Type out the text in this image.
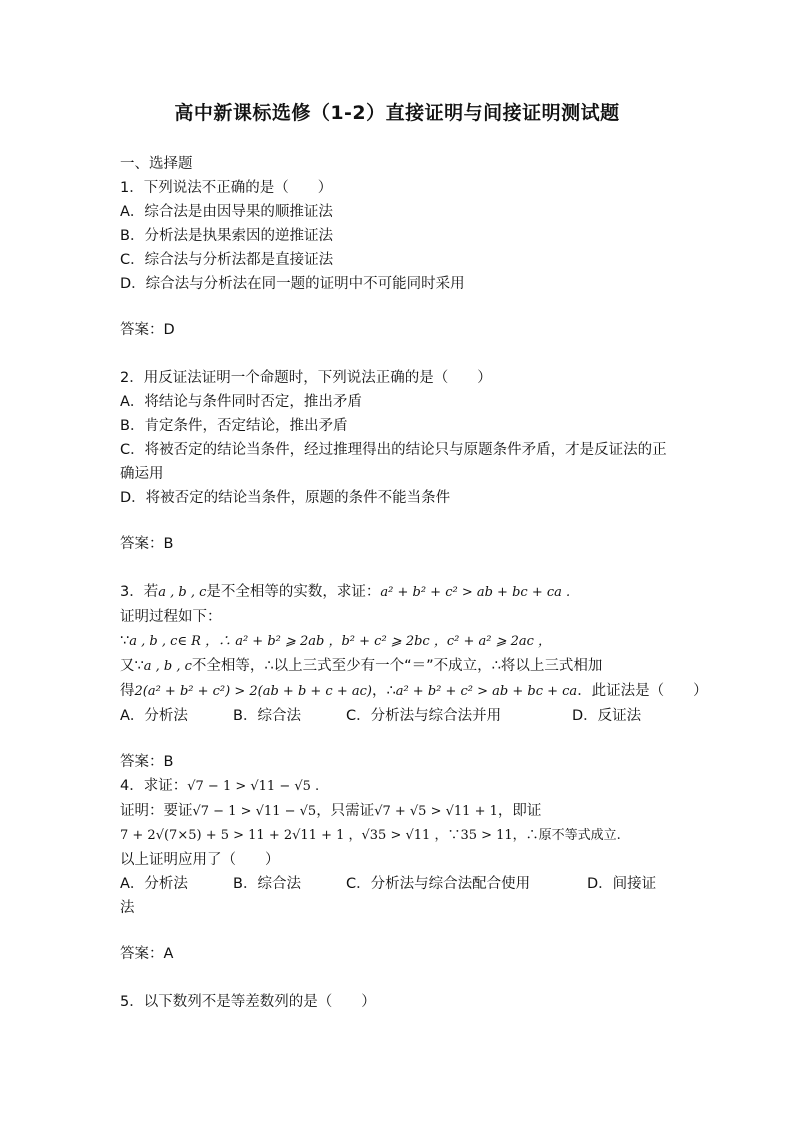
高中新课标选修（1-2）直接证明与间接证明测试题
一、选择题
1．下列说法不正确的是（　　）
A．综合法是由因导果的顺推证法
B．分析法是执果索因的逆推证法
C．综合法与分析法都是直接证法
D．综合法与分析法在同一题的证明中不可能同时采用
答案：D
2．用反证法证明一个命题时，下列说法正确的是（　　）
A．将结论与条件同时否定，推出矛盾
B．肯定条件，否定结论，推出矛盾
C．将被否定的结论当条件，经过推理得出的结论只与原题条件矛盾，才是反证法的正确运用
D．将被否定的结论当条件，原题的条件不能当条件
答案：B
3．若a , b , c是不全相等的实数，求证：a² + b² + c² > ab + bc + ca .
证明过程如下：
∵a , b , c∈ R ，∴ a² + b² ⩾ 2ab ，b² + c² ⩾ 2bc ，c² + a² ⩾ 2ac ，
又∵a , b , c不全相等，∴以上三式至少有一个“＝”不成立，∴将以上三式相加
得2(a² + b² + c²) > 2(ab + b + c + ac)，∴a² + b² + c² > ab + bc + ca．此证法是（　　）
A．分析法	B．综合法	C．分析法与综合法并用	D．反证法
答案：B
4．求证：√7 − 1 > √11 − √5 .
证明：要证√7 − 1 > √11 − √5，只需证√7 + √5 > √11 + 1，即证
7 + 2√(7×5) + 5 > 11 + 2√11 + 1 ，√35 > √11 ，∵35 > 11，∴原不等式成立.
以上证明应用了（　　）
A．分析法	B．综合法	C．分析法与综合法配合使用	D．间接证
法
答案：A
5．以下数列不是等差数列的是（　　）
